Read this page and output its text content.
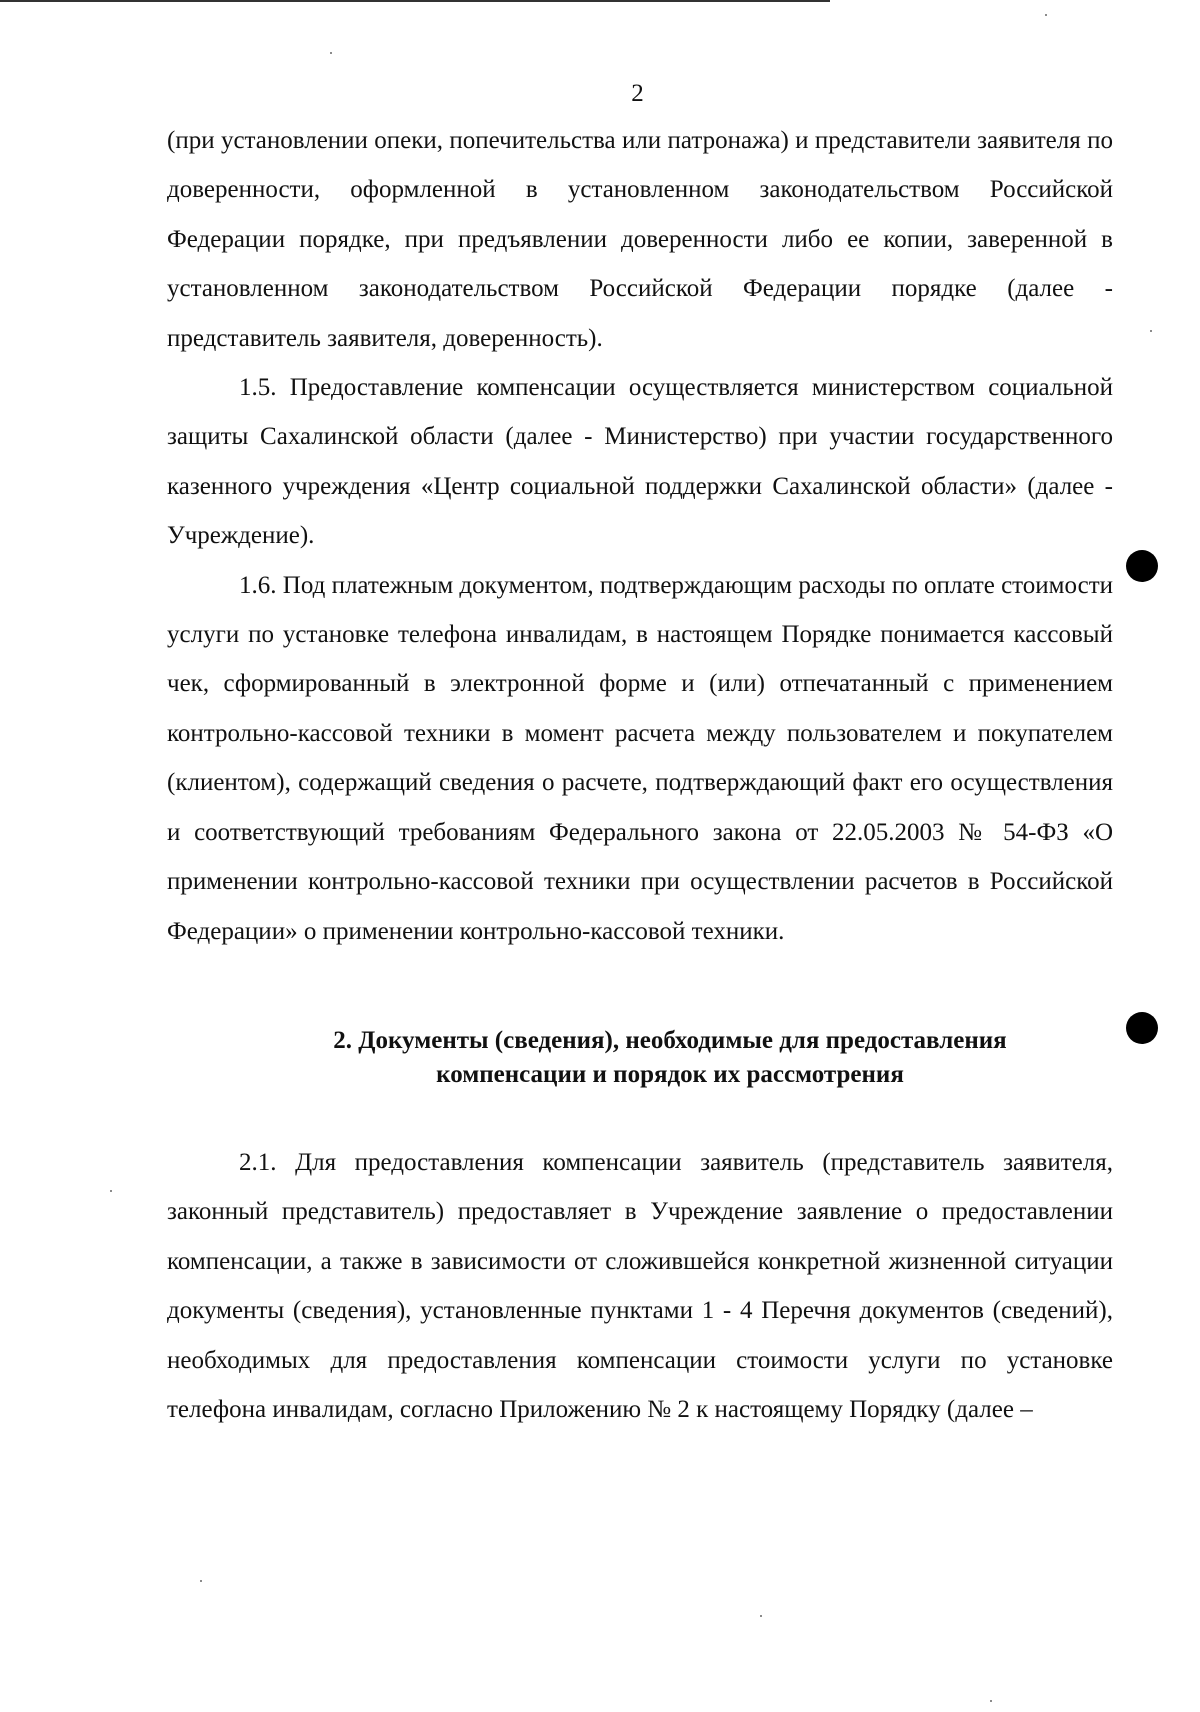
2

(при установлении опеки, попечительства или патронажа) и представители заявителя по доверенности, оформленной в установленном законодательством Российской Федерации порядке, при предъявлении доверенности либо ее копии, заверенной в установленном законодательством Российской Федерации порядке (далее - представитель заявителя, доверенность).

1.5. Предоставление компенсации осуществляется министерством социальной защиты Сахалинской области (далее - Министерство) при участии государственного казенного учреждения «Центр социальной поддержки Сахалинской области» (далее - Учреждение).

1.6. Под платежным документом, подтверждающим расходы по оплате стоимости услуги по установке телефона инвалидам, в настоящем Порядке понимается кассовый чек, сформированный в электронной форме и (или) отпечатанный с применением контрольно-кассовой техники в момент расчета между пользователем и покупателем (клиентом), содержащий сведения о расчете, подтверждающий факт его осуществления и соответствующий требованиям Федерального закона от 22.05.2003 № 54-ФЗ «О применении контрольно-кассовой техники при осуществлении расчетов в Российской Федерации» о применении контрольно-кассовой техники.

2. Документы (сведения), необходимые для предоставления
компенсации и порядок их рассмотрения

2.1. Для предоставления компенсации заявитель (представитель заявителя, законный представитель) предоставляет в Учреждение заявление о предоставлении компенсации, а также в зависимости от сложившейся конкретной жизненной ситуации документы (сведения), установленные пунктами 1 - 4 Перечня документов (сведений), необходимых для предоставления компенсации стоимости услуги по установке телефона инвалидам, согласно Приложению № 2 к настоящему Порядку (далее –
